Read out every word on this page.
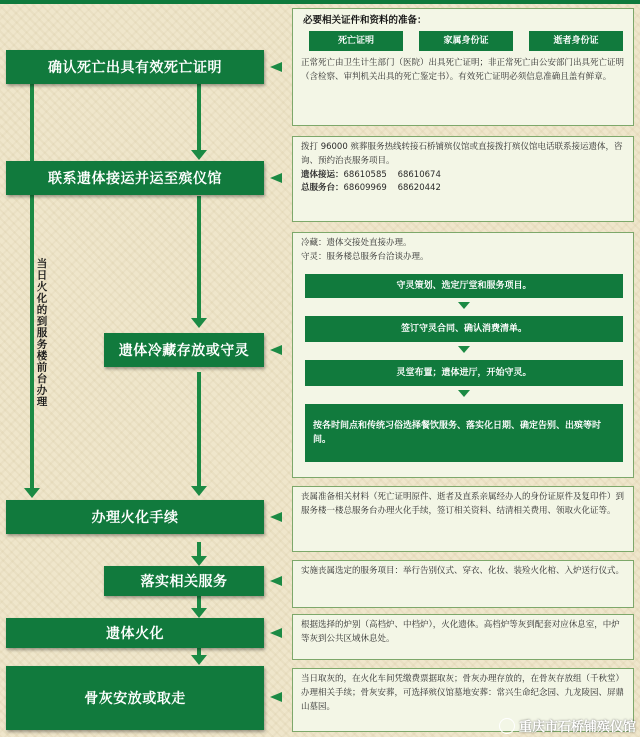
当日火化的到服务楼前台办理
确认死亡出具有效死亡证明
联系遗体接运并运至殡仪馆
遗体冷藏存放或守灵
办理火化手续
落实相关服务
遗体火化
骨灰安放或取走
必要相关证件和资料的准备：
死亡证明	家属身份证	逝者身份证
正常死亡由卫生计生部门（医院）出具死亡证明；非正常死亡由公安部门出具死亡证明（含检察、审判机关出具的死亡鉴定书）。有效死亡证明必须信息准确且盖有鲜章。
拨打 96000 殡葬服务热线转接石桥铺殡仪馆或直接拨打殡仪馆电话联系接运遗体，咨询、预约治丧服务项目。
遗体接运：68610585    68610674
总服务台：68609969    68620442
冷藏：遗体交接处直接办理。
守灵：服务楼总服务台洽谈办理。
守灵策划、选定厅堂和服务项目。
签订守灵合同、确认消费清单。
灵堂布置；遗体进厅，开始守灵。
按各时间点和传统习俗选择餐饮服务、落实化日期、确定告别、出殡等时间。
丧属准备相关材料（死亡证明原件、逝者及直系亲属经办人的身份证原件及复印件）到服务楼一楼总服务台办理火化手续，签订相关资料、结清相关费用、领取火化证等。
实施丧属选定的服务项目：举行告别仪式、穿衣、化妆、装殓火化棺、入炉送行仪式。
根据选择的炉别（高档炉、中档炉），火化遗体。高档炉等灰到配套对应休息室，中炉等灰到公共区域休息处。
当日取灰的，在火化车间凭缴费票据取灰；骨灰办理存放的，在骨灰存放组（千秋堂）办理相关手续；骨灰安葬，可选择殡仪馆墓地安葬：常兴生命纪念园、九龙陵园、屏鼎山墓园。
重庆市石桥铺殡仪馆
